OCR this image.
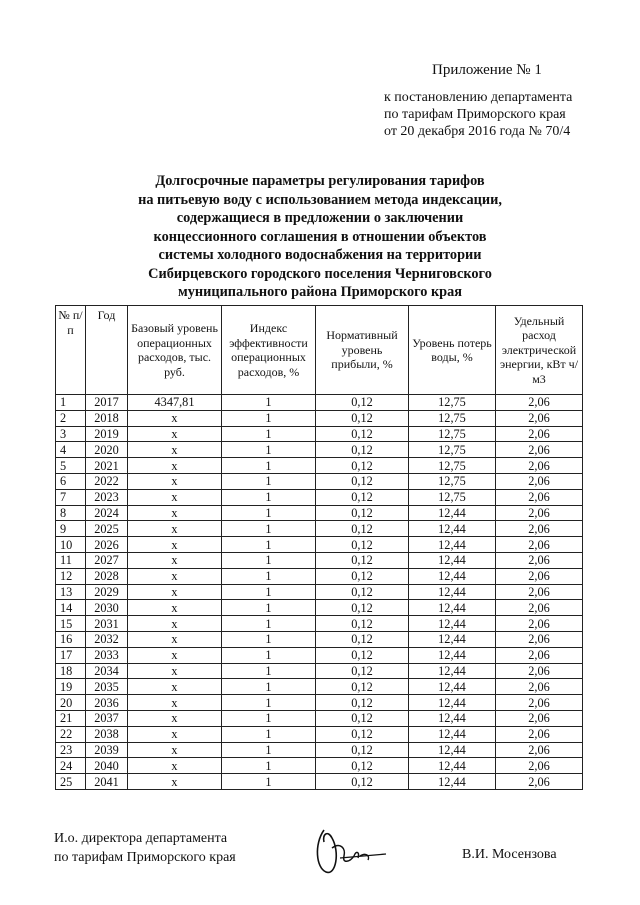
Приложение № 1
к постановлению департамента
по тарифам Приморского края
от 20 декабря 2016 года № 70/4
Долгосрочные параметры регулирования тарифов
на питьевую воду с использованием метода индексации,
содержащиеся в предложении о заключении
концессионного соглашения в отношении объектов
системы холодного водоснабжения на территории
Сибирцевского городского поселения Черниговского
муниципального района Приморского края
№ п/п	Год	Базовый уровень операционных расходов, тыс. руб.	Индекс эффективности операционных расходов, %	Нормативный уровень прибыли, %	Уровень потерь воды, %	Удельный расход электрической энергии, кВт ч/м3
1	2017	4347,81	1	0,12	12,75	2,06
2	2018	x	1	0,12	12,75	2,06
3	2019	x	1	0,12	12,75	2,06
4	2020	x	1	0,12	12,75	2,06
5	2021	x	1	0,12	12,75	2,06
6	2022	x	1	0,12	12,75	2,06
7	2023	x	1	0,12	12,75	2,06
8	2024	x	1	0,12	12,44	2,06
9	2025	x	1	0,12	12,44	2,06
10	2026	x	1	0,12	12,44	2,06
11	2027	x	1	0,12	12,44	2,06
12	2028	x	1	0,12	12,44	2,06
13	2029	x	1	0,12	12,44	2,06
14	2030	x	1	0,12	12,44	2,06
15	2031	x	1	0,12	12,44	2,06
16	2032	x	1	0,12	12,44	2,06
17	2033	x	1	0,12	12,44	2,06
18	2034	x	1	0,12	12,44	2,06
19	2035	x	1	0,12	12,44	2,06
20	2036	x	1	0,12	12,44	2,06
21	2037	x	1	0,12	12,44	2,06
22	2038	x	1	0,12	12,44	2,06
23	2039	x	1	0,12	12,44	2,06
24	2040	x	1	0,12	12,44	2,06
25	2041	x	1	0,12	12,44	2,06
И.о. директора департамента
по тарифам Приморского края	В.И. Мосензова
